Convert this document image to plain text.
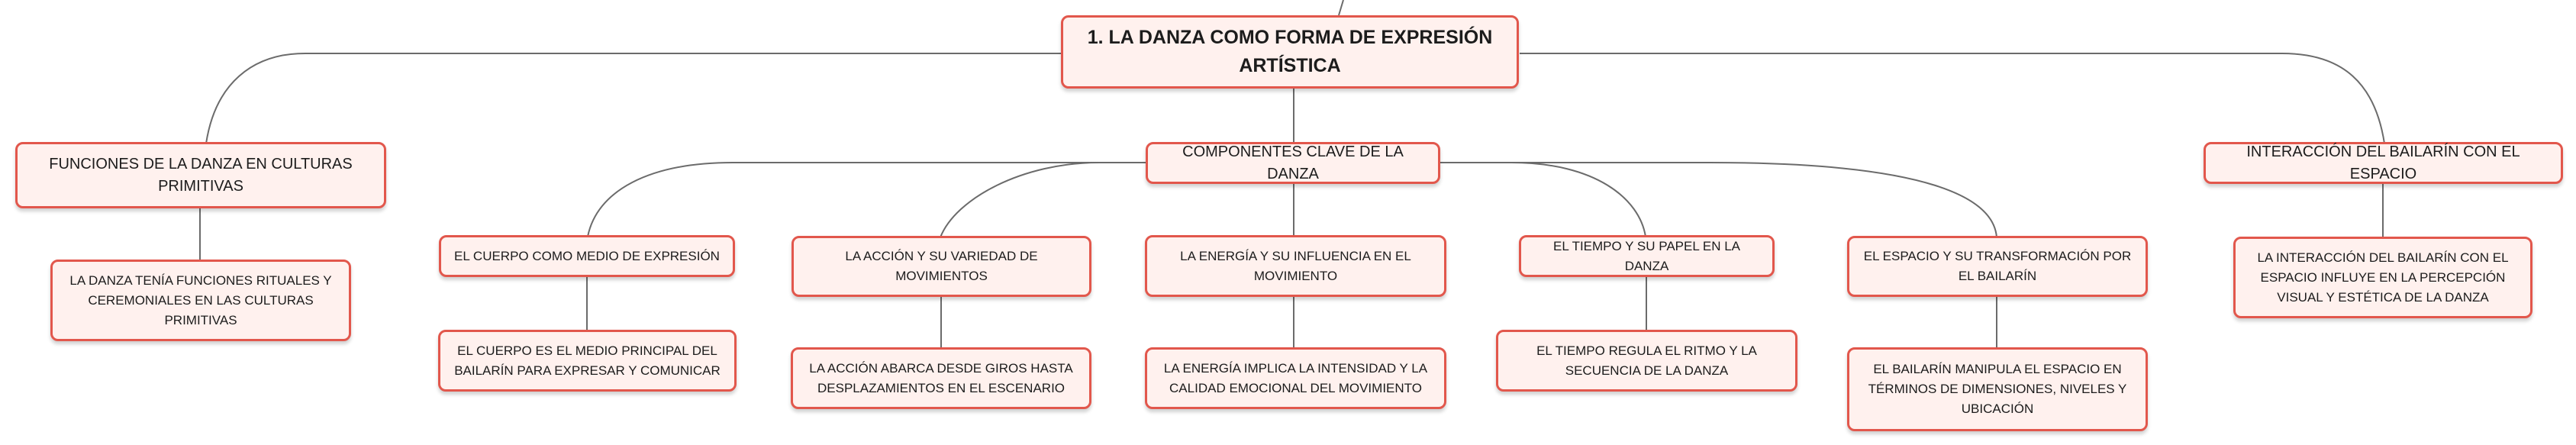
1. LA DANZA COMO FORMA DE EXPRESIÓN ARTÍSTICA
FUNCIONES DE LA DANZA EN CULTURAS PRIMITIVAS
LA DANZA TENÍA FUNCIONES RITUALES Y CEREMONIALES EN LAS CULTURAS PRIMITIVAS
COMPONENTES CLAVE DE LA DANZA
EL CUERPO COMO MEDIO DE EXPRESIÓN
EL CUERPO ES EL MEDIO PRINCIPAL DEL BAILARÍN PARA EXPRESAR Y COMUNICAR
LA ACCIÓN Y SU VARIEDAD DE MOVIMIENTOS
LA ACCIÓN ABARCA DESDE GIROS HASTA DESPLAZAMIENTOS EN EL ESCENARIO
LA ENERGÍA Y SU INFLUENCIA EN EL MOVIMIENTO
LA ENERGÍA IMPLICA LA INTENSIDAD Y LA CALIDAD EMOCIONAL DEL MOVIMIENTO
EL TIEMPO Y SU PAPEL EN LA DANZA
EL TIEMPO REGULA EL RITMO Y LA SECUENCIA DE LA DANZA
EL ESPACIO Y SU TRANSFORMACIÓN POR EL BAILARÍN
EL BAILARÍN MANIPULA EL ESPACIO EN TÉRMINOS DE DIMENSIONES, NIVELES Y UBICACIÓN
INTERACCIÓN DEL BAILARÍN CON EL ESPACIO
LA INTERACCIÓN DEL BAILARÍN CON EL ESPACIO INFLUYE EN LA PERCEPCIÓN VISUAL Y ESTÉTICA DE LA DANZA
